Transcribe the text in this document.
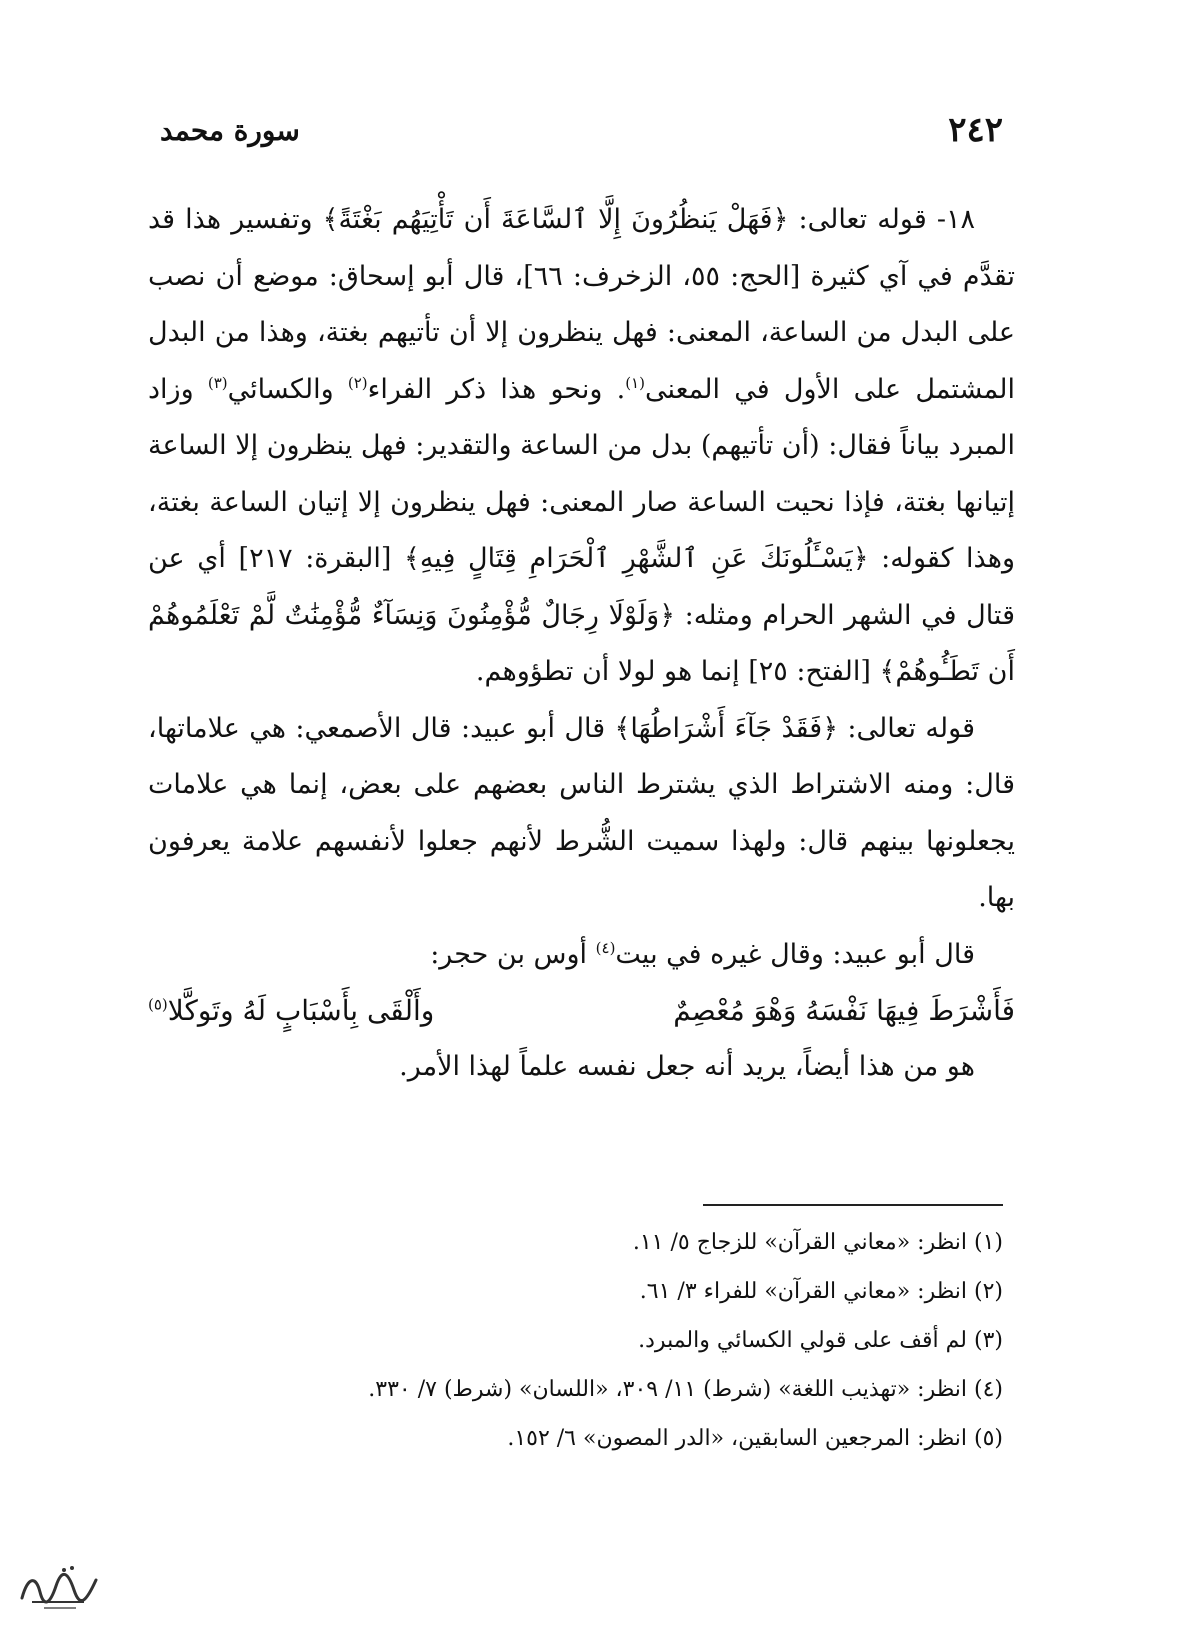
٢٤٢
سورة محمد

١٨- قوله تعالى: ﴿فَهَلْ يَنظُرُونَ إِلَّا ٱلسَّاعَةَ أَن تَأْتِيَهُم بَغْتَةً﴾ وتفسير هذا قد تقدَّم في آي كثيرة [الحج: ٥٥، الزخرف: ٦٦]، قال أبو إسحاق: موضع أن نصب على البدل من الساعة، المعنى: فهل ينظرون إلا أن تأتيهم بغتة، وهذا من البدل المشتمل على الأول في المعنى$^{(١)}$. ونحو هذا ذكر الفراء$^{(٢)}$ والكسائي$^{(٣)}$ وزاد المبرد بياناً فقال: (أن تأتيهم) بدل من الساعة والتقدير: فهل ينظرون إلا الساعة إتيانها بغتة، فإذا نحيت الساعة صار المعنى: فهل ينظرون إلا إتيان الساعة بغتة، وهذا كقوله: ﴿يَسْـَٔلُونَكَ عَنِ ٱلشَّهْرِ ٱلْحَرَامِ قِتَالٍ فِيهِ﴾ [البقرة: ٢١٧] أي عن قتال في الشهر الحرام ومثله: ﴿وَلَوْلَا رِجَالٌ مُّؤْمِنُونَ وَنِسَآءٌ مُّؤْمِنَٰتٌ لَّمْ تَعْلَمُوهُمْ أَن تَطَـُٔوهُمْ﴾ [الفتح: ٢٥] إنما هو لولا أن تطؤوهم.

قوله تعالى: ﴿فَقَدْ جَآءَ أَشْرَاطُهَا﴾ قال أبو عبيد: قال الأصمعي: هي علاماتها، قال: ومنه الاشتراط الذي يشترط الناس بعضهم على بعض، إنما هي علامات يجعلونها بينهم قال: ولهذا سميت الشُّرط لأنهم جعلوا لأنفسهم علامة يعرفون بها.

قال أبو عبيد: وقال غيره في بيت$^{(٤)}$ أوس بن حجر:

فَأَشْرَطَ فِيهَا نَفْسَهُ وَهْوَ مُعْصِمٌ
وأَلْقَى بِأَسْبَابٍ لَهُ وتَوكَّلا$^{(٥)}$

هو من هذا أيضاً، يريد أنه جعل نفسه علماً لهذا الأمر.

(١) انظر: «معاني القرآن» للزجاج ٥/ ١١.

(٢) انظر: «معاني القرآن» للفراء ٣/ ٦١.

(٣) لم أقف على قولي الكسائي والمبرد.

(٤) انظر: «تهذيب اللغة» (شرط) ١١/ ٣٠٩، «اللسان» (شرط) ٧/ ٣٣٠.

(٥) انظر: المرجعين السابقين، «الدر المصون» ٦/ ١٥٢.
